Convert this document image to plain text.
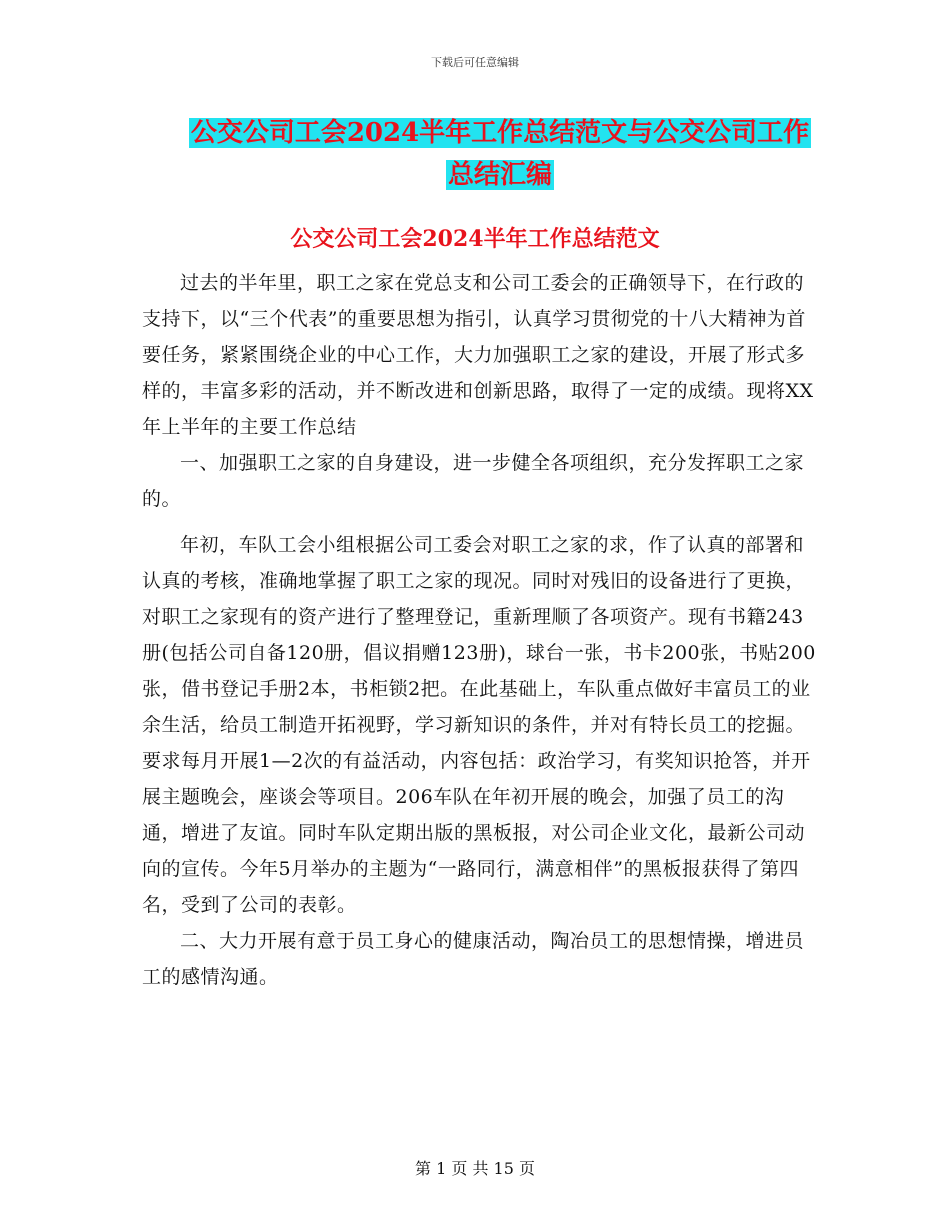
下载后可任意编辑
公交公司工会2024半年工作总结范文与公交公司工作
总结汇编
公交公司工会2024半年工作总结范文

过去的半年里，职工之家在党总支和公司工委会的正确领导下，在行政的支持下，以“三个代表”的重要思想为指引，认真学习贯彻党的十八大精神为首要任务，紧紧围绕企业的中心工作，大力加强职工之家的建设，开展了形式多样的，丰富多彩的活动，并不断改进和创新思路，取得了一定的成绩。现将XX年上半年的主要工作总结

一、加强职工之家的自身建设，进一步健全各项组织，充分发挥职工之家的。

年初，车队工会小组根据公司工委会对职工之家的求，作了认真的部署和认真的考核，准确地掌握了职工之家的现况。同时对残旧的设备进行了更换，对职工之家现有的资产进行了整理登记，重新理顺了各项资产。现有书籍243册(包括公司自备120册，倡议捐赠123册)，球台一张，书卡200张，书贴200张，借书登记手册2本，书柜锁2把。在此基础上，车队重点做好丰富员工的业余生活，给员工制造开拓视野，学习新知识的条件，并对有特长员工的挖掘。要求每月开展1—2次的有益活动，内容包括：政治学习，有奖知识抢答，并开展主题晚会，座谈会等项目。206车队在年初开展的晚会，加强了员工的沟通，增进了友谊。同时车队定期出版的黑板报，对公司企业文化，最新公司动向的宣传。今年5月举办的主题为“一路同行，满意相伴”的黑板报获得了第四名，受到了公司的表彰。

二、大力开展有意于员工身心的健康活动，陶冶员工的思想情操，增进员工的感情沟通。

第 1 页 共 15 页
